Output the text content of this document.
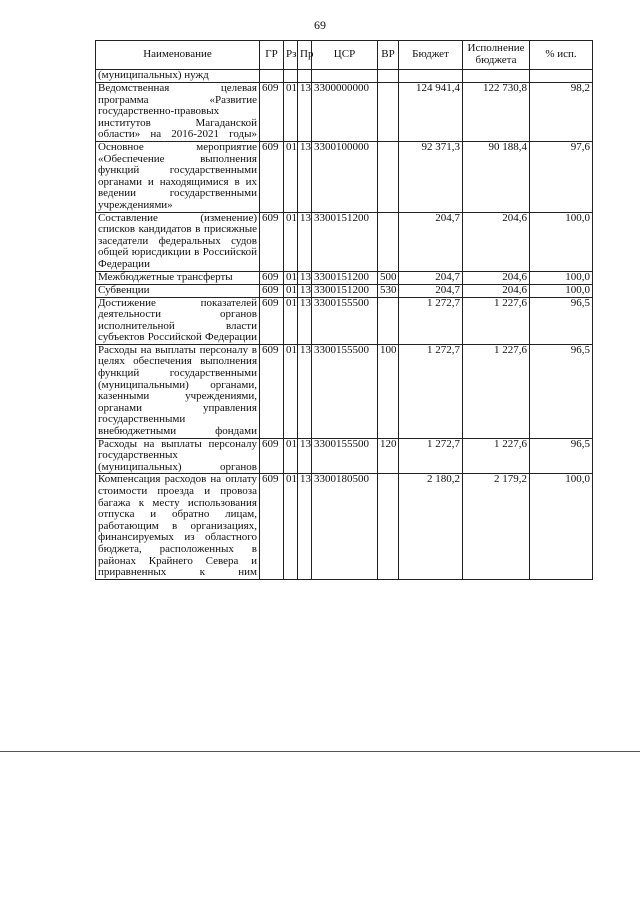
69
Наименование	ГР	Рз	Пр	ЦСР	ВР	Бюджет	Исполнение бюджета	% исп.
(муниципальных) нужд								
Ведомственная целевая программа «Развитие государственно-правовых институтов Магаданской области» на 2016-2021 годы»	609	01	13	3300000000		124 941,4	122 730,8	98,2
Основное мероприятие «Обеспечение выполнения функций государственными органами и находящимися в их ведении государственными учреждениями»	609	01	13	3300100000		92 371,3	90 188,4	97,6
Составление (изменение) списков кандидатов в присяжные заседатели федеральных судов общей юрисдикции в Российской Федерации	609	01	13	3300151200		204,7	204,6	100,0
Межбюджетные трансферты	609	01	13	3300151200	500	204,7	204,6	100,0
Субвенции	609	01	13	3300151200	530	204,7	204,6	100,0
Достижение показателей деятельности органов исполнительной власти субъектов Российской Федерации	609	01	13	3300155500		1 272,7	1 227,6	96,5
Расходы на выплаты персоналу в целях обеспечения выполнения функций государственными (муниципальными) органами, казенными учреждениями, органами управления государственными внебюджетными фондами	609	01	13	3300155500	100	1 272,7	1 227,6	96,5
Расходы на выплаты персоналу государственных (муниципальных) органов	609	01	13	3300155500	120	1 272,7	1 227,6	96,5
Компенсация расходов на оплату стоимости проезда и провоза багажа к месту использования отпуска и обратно лицам, работающим в организациях, финансируемых из областного бюджета, расположенных в районах Крайнего Севера и приравненных к ним	609	01	13	3300180500		2 180,2	2 179,2	100,0
